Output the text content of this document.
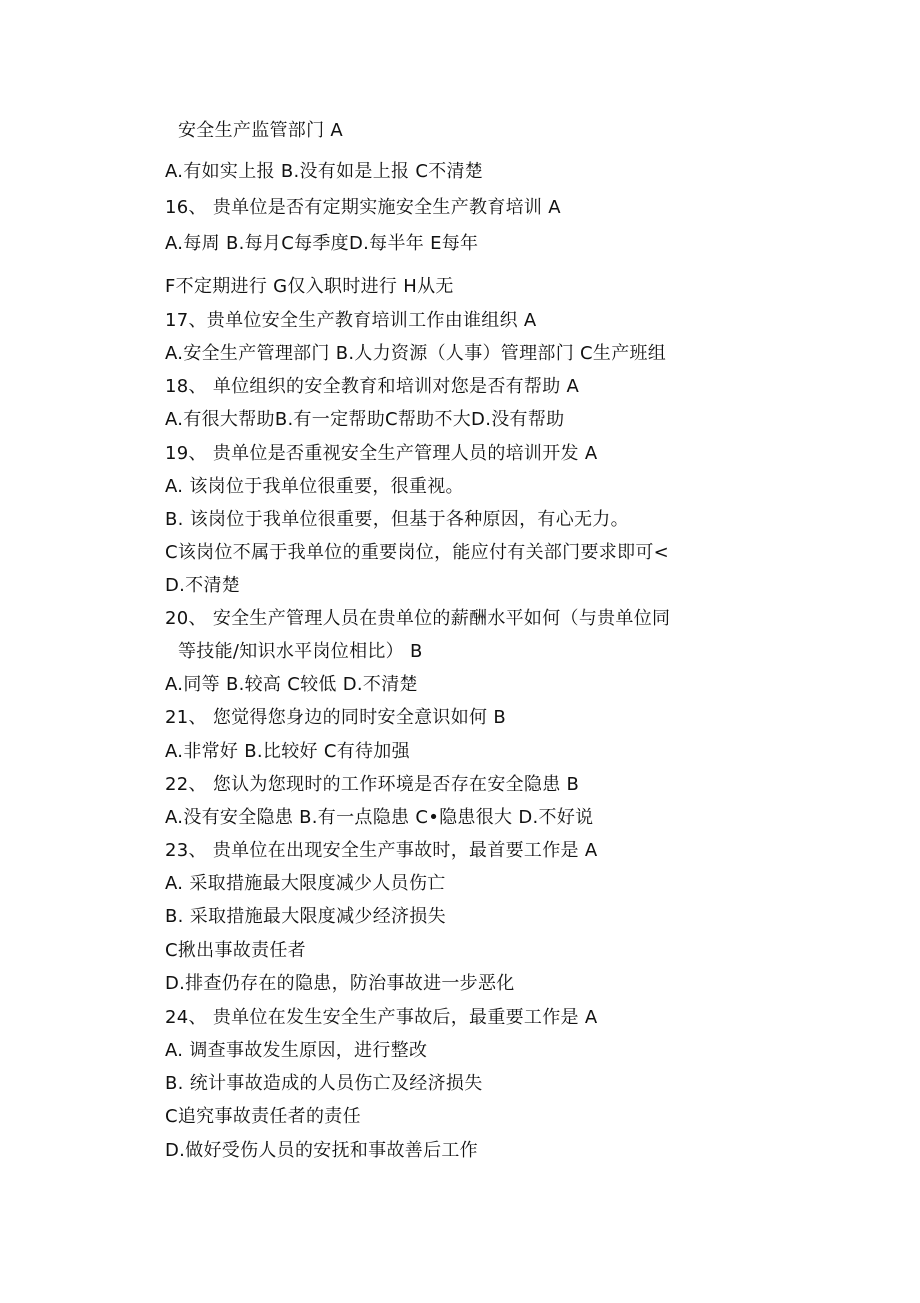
安全生产监管部门 A
A.有如实上报 B.没有如是上报 C不清楚
16、 贵单位是否有定期实施安全生产教育培训 A
A.每周 B.每月C每季度D.每半年 E每年
F不定期进行 G仅入职时进行 H从无
17、贵单位安全生产教育培训工作由谁组织 A
A.安全生产管理部门 B.人力资源（人事）管理部门 C生产班组
18、 单位组织的安全教育和培训对您是否有帮助 A
A.有很大帮助B.有一定帮助C帮助不大D.没有帮助
19、 贵单位是否重视安全生产管理人员的培训开发 A
A. 该岗位于我单位很重要，很重视。
B. 该岗位于我单位很重要，但基于各种原因，有心无力。
C该岗位不属于我单位的重要岗位，能应付有关部门要求即可<
D.不清楚
20、 安全生产管理人员在贵单位的薪酬水平如何（与贵单位同
等技能/知识水平岗位相比） B
A.同等 B.较高 C较低 D.不清楚
21、 您觉得您身边的同时安全意识如何 B
A.非常好 B.比较好 C有待加强
22、 您认为您现时的工作环境是否存在安全隐患 B
A.没有安全隐患 B.有一点隐患 C•隐患很大 D.不好说
23、 贵单位在出现安全生产事故时，最首要工作是 A
A. 采取措施最大限度减少人员伤亡
B. 采取措施最大限度减少经济损失
C揪出事故责任者
D.排查仍存在的隐患，防治事故进一步恶化
24、 贵单位在发生安全生产事故后，最重要工作是 A
A. 调查事故发生原因，进行整改
B. 统计事故造成的人员伤亡及经济损失
C追究事故责任者的责任
D.做好受伤人员的安抚和事故善后工作
